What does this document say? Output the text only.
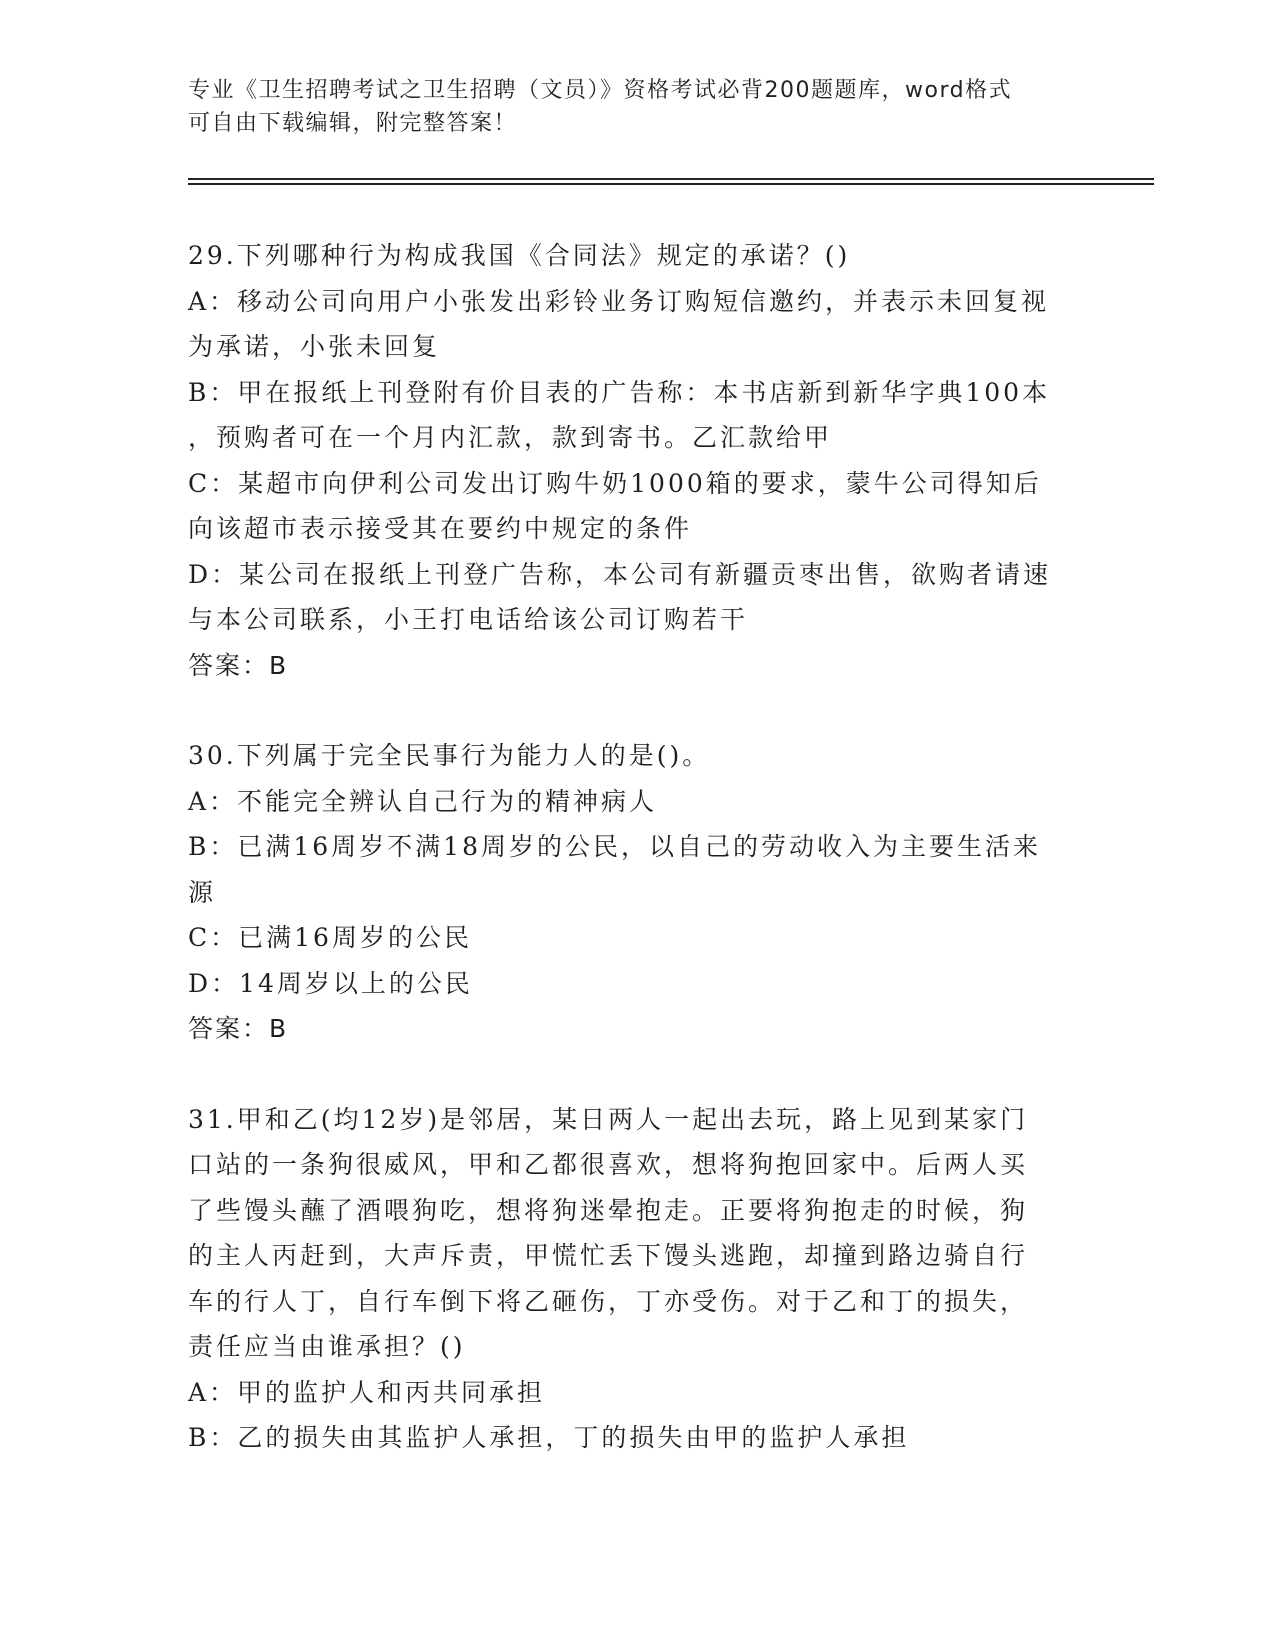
专业《卫生招聘考试之卫生招聘（文员）》资格考试必背200题题库，word格式
可自由下载编辑，附完整答案！
29.下列哪种行为构成我国《合同法》规定的承诺？()
A：移动公司向用户小张发出彩铃业务订购短信邀约，并表示未回复视
为承诺，小张未回复
B：甲在报纸上刊登附有价目表的广告称：本书店新到新华字典100本
，预购者可在一个月内汇款，款到寄书。乙汇款给甲
C：某超市向伊利公司发出订购牛奶1000箱的要求，蒙牛公司得知后
向该超市表示接受其在要约中规定的条件
D：某公司在报纸上刊登广告称，本公司有新疆贡枣出售，欲购者请速
与本公司联系，小王打电话给该公司订购若干
答案：B
30.下列属于完全民事行为能力人的是()。
A：不能完全辨认自己行为的精神病人
B：已满16周岁不满18周岁的公民，以自己的劳动收入为主要生活来
源
C：已满16周岁的公民
D：14周岁以上的公民
答案：B
31.甲和乙(均12岁)是邻居，某日两人一起出去玩，路上见到某家门
口站的一条狗很威风，甲和乙都很喜欢，想将狗抱回家中。后两人买
了些馒头蘸了酒喂狗吃，想将狗迷晕抱走。正要将狗抱走的时候，狗
的主人丙赶到，大声斥责，甲慌忙丢下馒头逃跑，却撞到路边骑自行
车的行人丁，自行车倒下将乙砸伤，丁亦受伤。对于乙和丁的损失，
责任应当由谁承担？()
A：甲的监护人和丙共同承担
B：乙的损失由其监护人承担，丁的损失由甲的监护人承担
